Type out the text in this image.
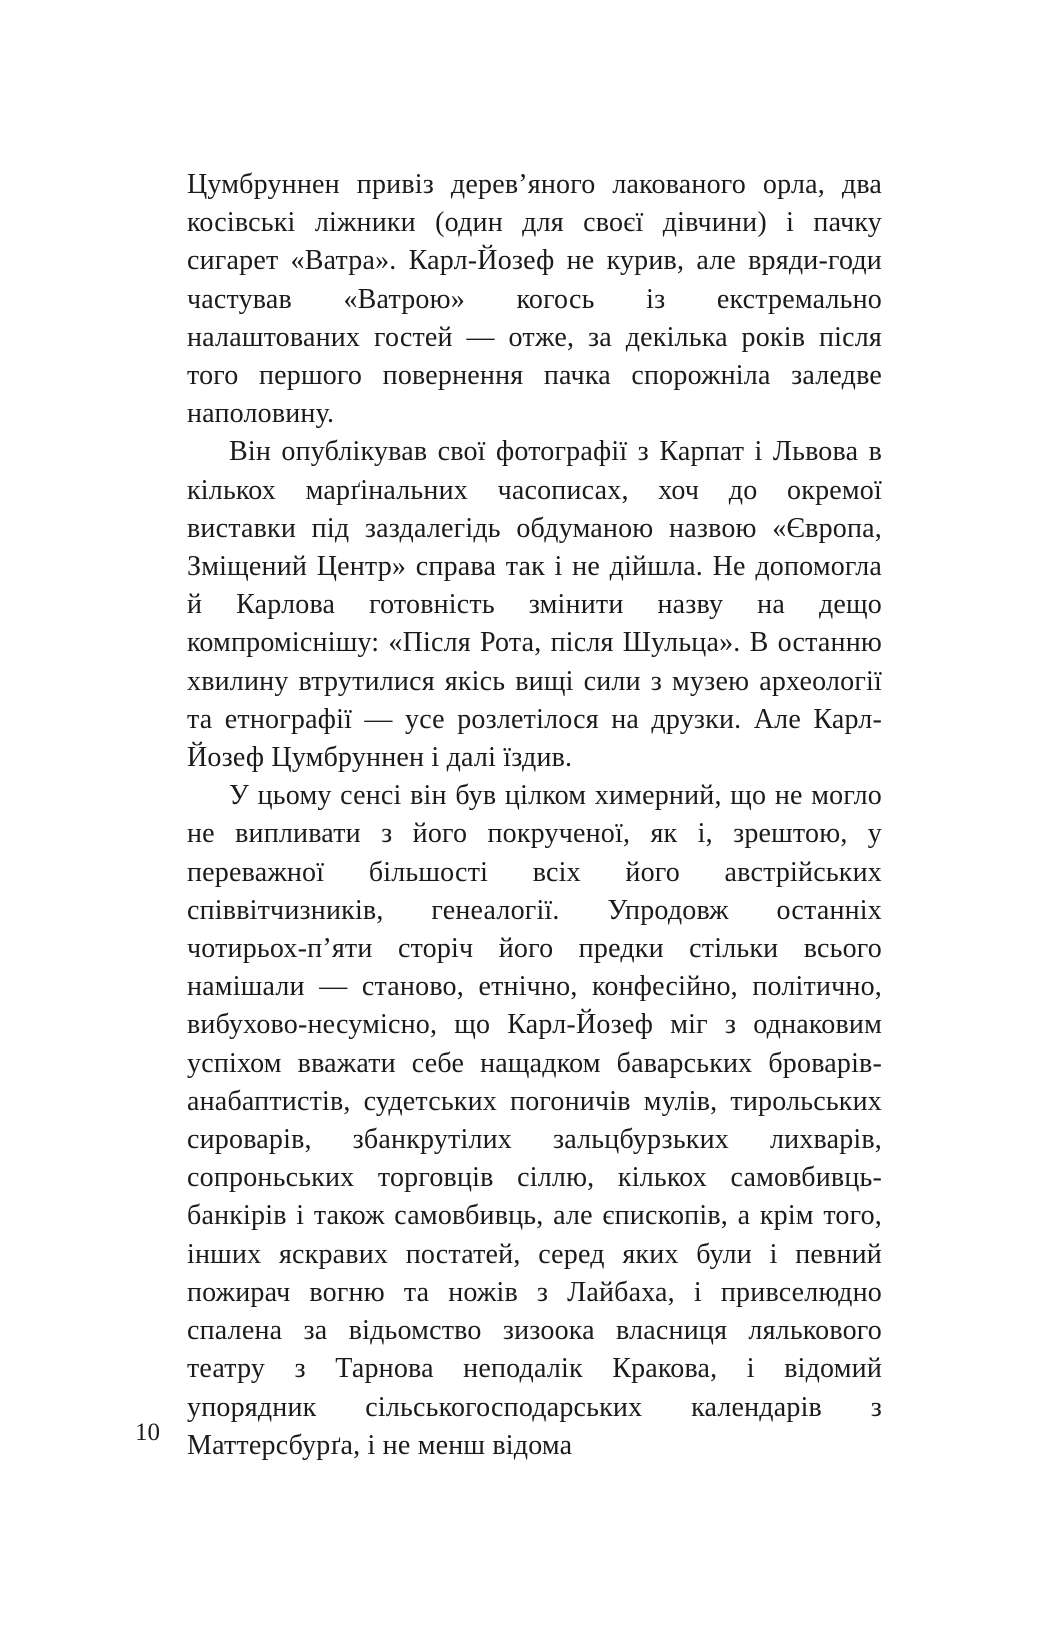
Цумбруннен привіз дерев’яного лакованого орла, два косівські ліжники (один для своєї дівчини) і пачку сигарет «Ватра». Карл-Йозеф не курив, але вряди-годи частував «Ватрою» когось із екстремально налаштованих гостей — отже, за декілька років після того першого повернення пачка спорожніла заледве наполовину.

Він опублікував свої фотографії з Карпат і Львова в кількох марґінальних часописах, хоч до окремої виставки під заздалегідь обдуманою назвою «Європа, Зміщений Центр» справа так і не дійшла. Не допомогла й Карлова готовність змінити назву на дещо компроміснішу: «Після Рота, після Шульца». В останню хвилину втрутилися якісь вищі сили з музею археології та етнографії — усе розлетілося на друзки. Але Карл-Йозеф Цумбруннен і далі їздив.

У цьому сенсі він був цілком химерний, що не могло не випливати з його покрученої, як і, зрештою, у переважної більшості всіх його австрійських співвітчизників, генеалогії. Упродовж останніх чотирьох-п’яти сторіч його предки стільки всього намішали — станово, етнічно, конфесійно, політично, вибухово-несумісно, що Карл-Йозеф міг з однаковим успіхом вважати себе нащадком баварських броварів-анабаптистів, судетських погоничів мулів, тирольських сироварів, збанкрутілих зальцбурзьких лихварів, сопроньських торговців сіллю, кількох самовбивць-банкірів і також самовбивць, але єпископів, а крім того, інших яскравих постатей, серед яких були і певний пожирач вогню та ножів з Лайбаха, і привселюдно спалена за відьомство зизоока власниця лялькового театру з Тарнова неподалік Кракова, і відомий упорядник сільськогосподарських календарів з Маттерсбурґа, і не менш відома

10
